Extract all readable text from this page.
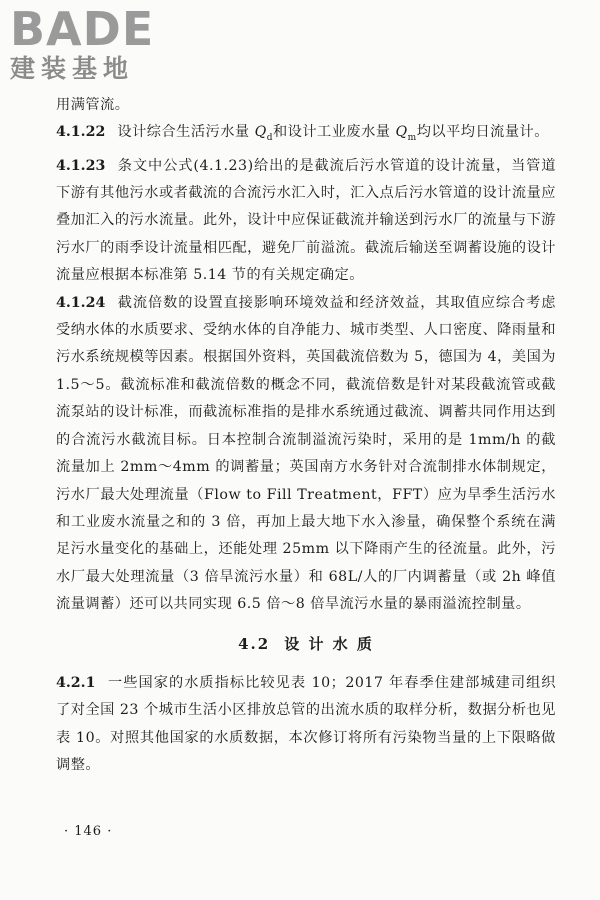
BADE
建装基地

用满管流。

4.1.22 设计综合生活污水量 $Q_d$和设计工业废水量 $Q_m$均以平均日流量计。

4.1.23 条文中公式(4.1.23)给出的是截流后污水管道的设计流量，当管道下游有其他污水或者截流的合流污水汇入时，汇入点后污水管道的设计流量应叠加汇入的污水流量。此外，设计中应保证截流并输送到污水厂的流量与下游污水厂的雨季设计流量相匹配，避免厂前溢流。截流后输送至调蓄设施的设计流量应根据本标准第 5.14 节的有关规定确定。

4.1.24 截流倍数的设置直接影响环境效益和经济效益，其取值应综合考虑受纳水体的水质要求、受纳水体的自净能力、城市类型、人口密度、降雨量和污水系统规模等因素。根据国外资料，英国截流倍数为 5，德国为 4，美国为 1.5～5。截流标准和截流倍数的概念不同，截流倍数是针对某段截流管或截流泵站的设计标准，而截流标准指的是排水系统通过截流、调蓄共同作用达到的合流污水截流目标。日本控制合流制溢流污染时，采用的是 1mm/h 的截流量加上 2mm～4mm 的调蓄量；英国南方水务针对合流制排水体制规定，污水厂最大处理流量（Flow to Fill Treatment，FFT）应为旱季生活污水和工业废水流量之和的 3 倍，再加上最大地下水入渗量，确保整个系统在满足污水量变化的基础上，还能处理 25mm 以下降雨产生的径流量。此外，污水厂最大处理流量（3 倍旱流污水量）和 68L/人的厂内调蓄量（或 2h 峰值流量调蓄）还可以共同实现 6.5 倍～8 倍旱流污水量的暴雨溢流控制量。

4.2 设 计 水 质

4.2.1 一些国家的水质指标比较见表 10；2017 年春季住建部城建司组织了对全国 23 个城市生活小区排放总管的出流水质的取样分析，数据分析也见表 10。对照其他国家的水质数据，本次修订将所有污染物当量的上下限略做调整。

· 146 ·
